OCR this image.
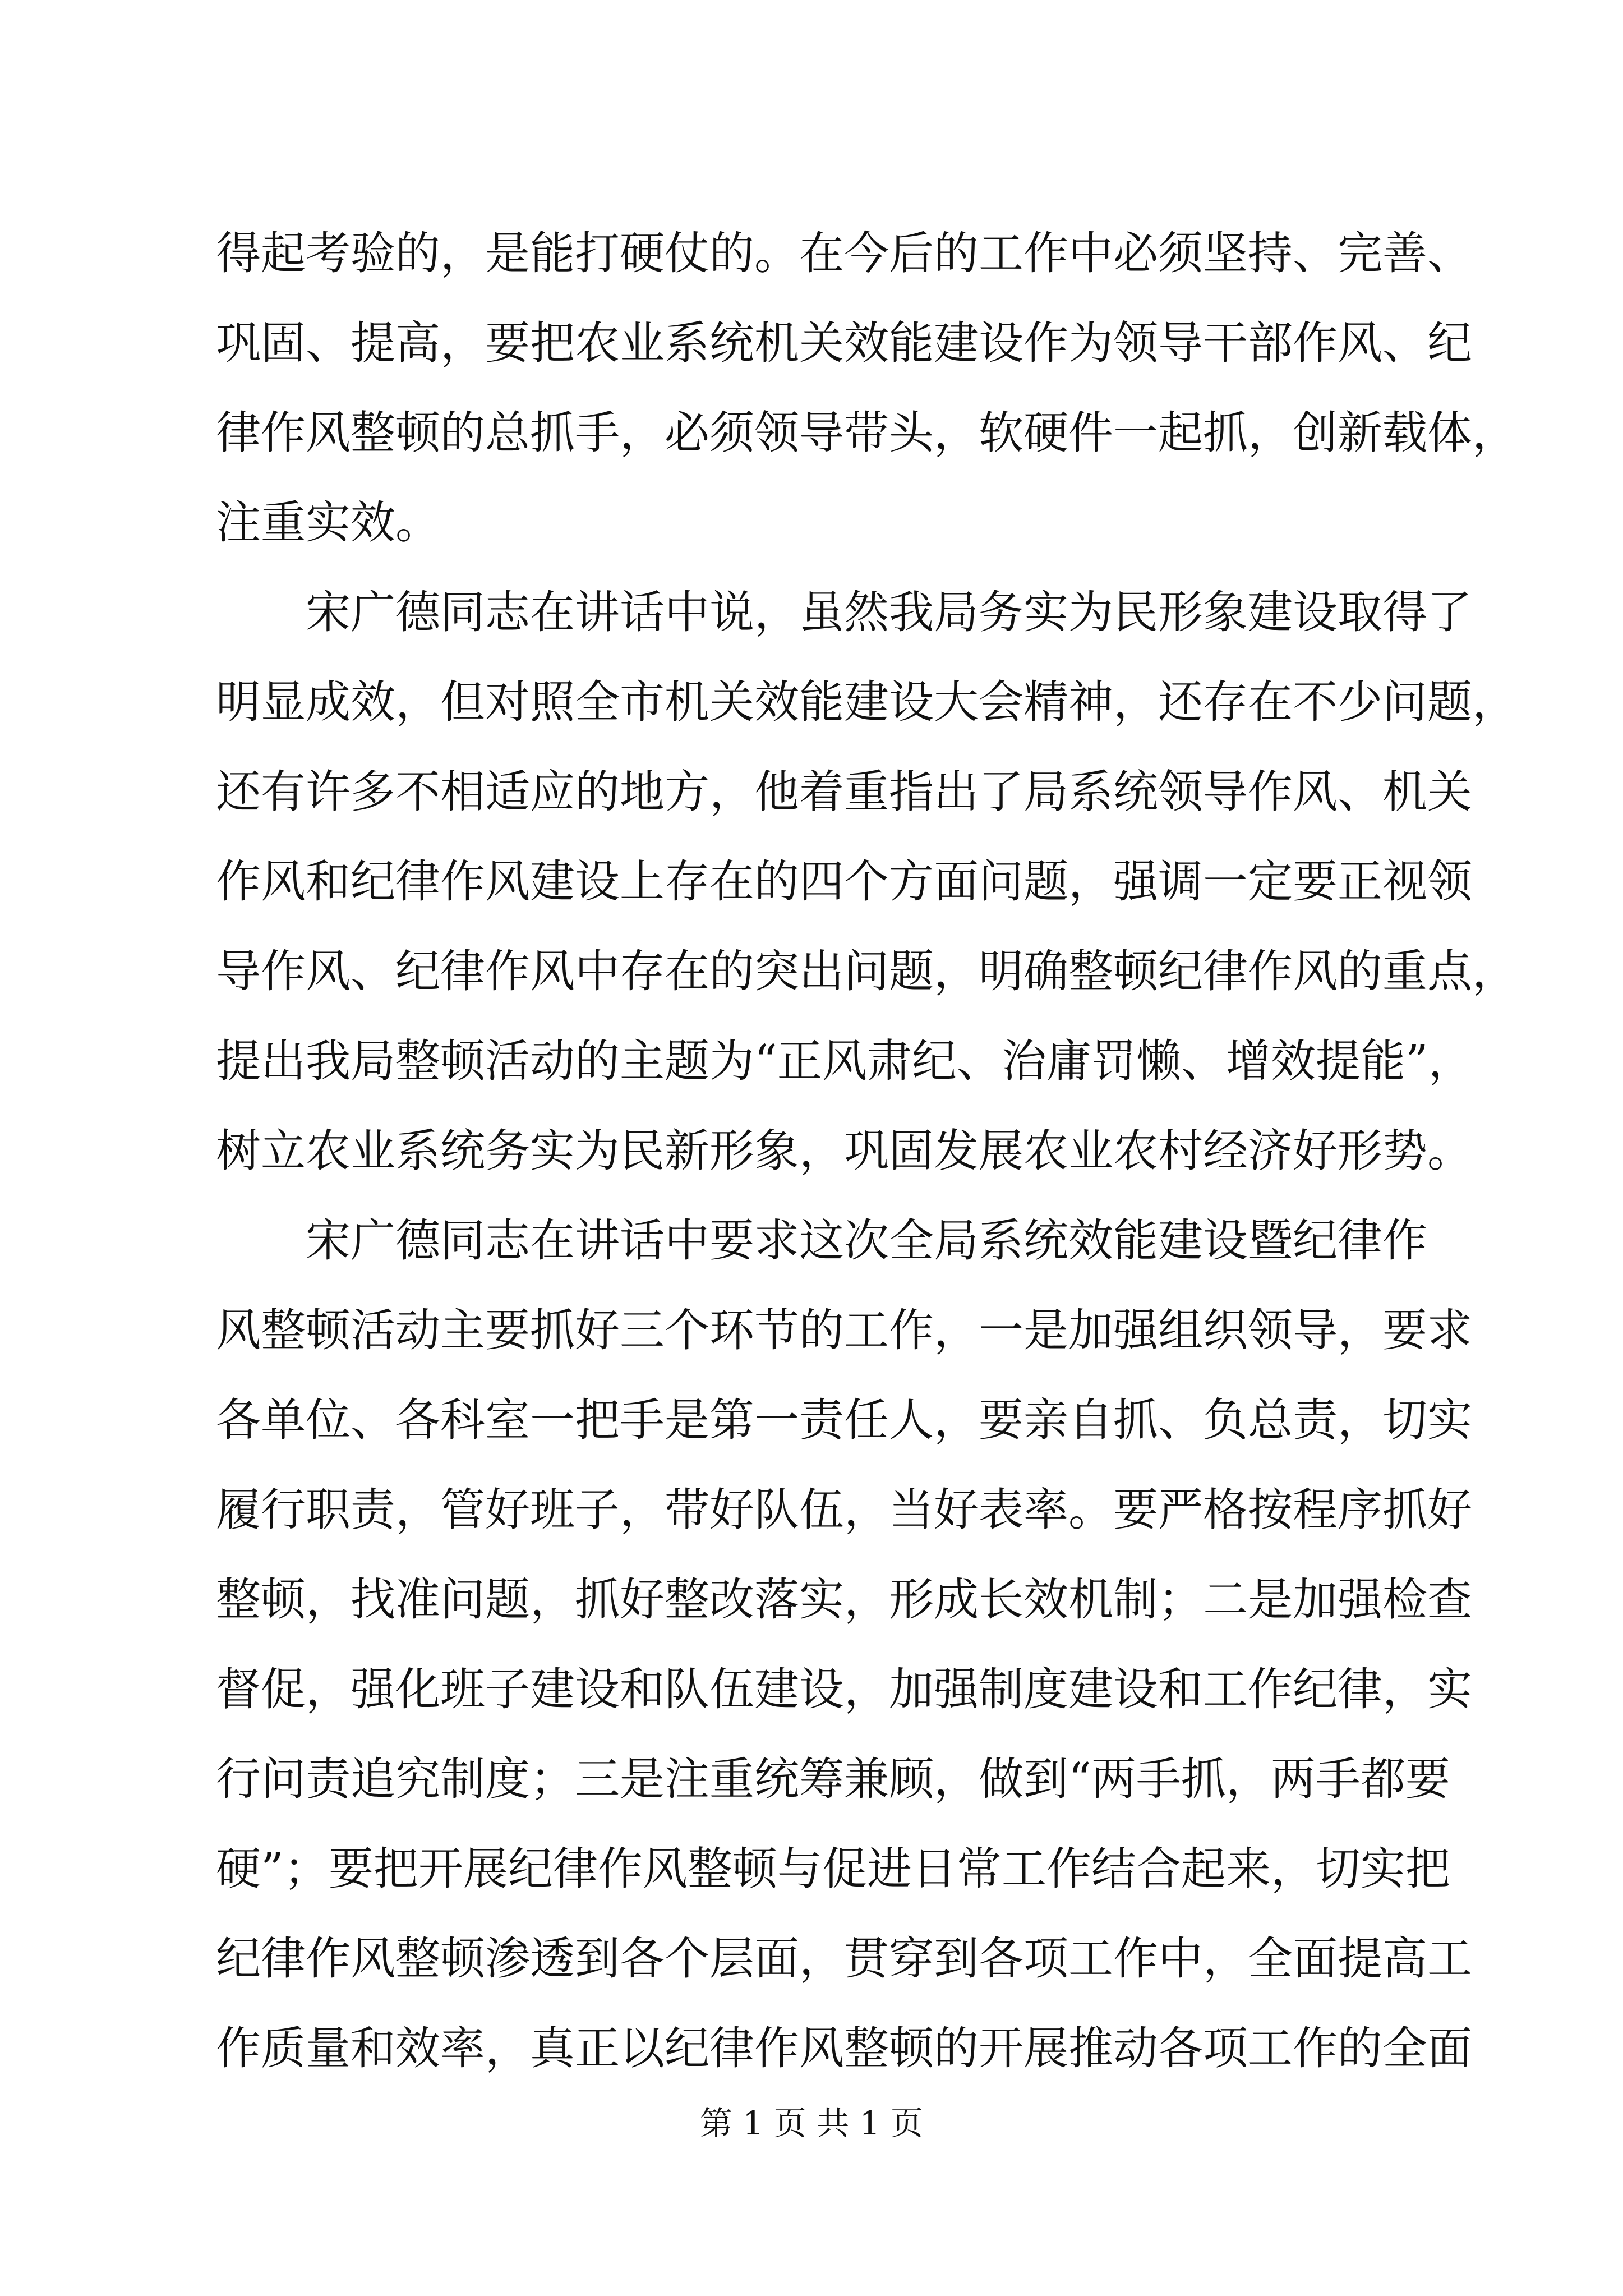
得起考验的，是能打硬仗的。在今后的工作中必须坚持、完善、
巩固、提高，要把农业系统机关效能建设作为领导干部作风、纪
律作风整顿的总抓手，必须领导带头，软硬件一起抓，创新载体，
注重实效。
宋广德同志在讲话中说，虽然我局务实为民形象建设取得了
明显成效，但对照全市机关效能建设大会精神，还存在不少问题，
还有许多不相适应的地方，他着重指出了局系统领导作风、机关
作风和纪律作风建设上存在的四个方面问题，强调一定要正视领
导作风、纪律作风中存在的突出问题，明确整顿纪律作风的重点，
提出我局整顿活动的主题为“正风肃纪、治庸罚懒、增效提能”，
树立农业系统务实为民新形象，巩固发展农业农村经济好形势。
宋广德同志在讲话中要求这次全局系统效能建设暨纪律作
风整顿活动主要抓好三个环节的工作，一是加强组织领导，要求
各单位、各科室一把手是第一责任人，要亲自抓、负总责，切实
履行职责，管好班子，带好队伍，当好表率。要严格按程序抓好
整顿，找准问题，抓好整改落实，形成长效机制；二是加强检查
督促，强化班子建设和队伍建设，加强制度建设和工作纪律，实
行问责追究制度；三是注重统筹兼顾，做到“两手抓，两手都要
硬”；要把开展纪律作风整顿与促进日常工作结合起来，切实把
纪律作风整顿渗透到各个层面，贯穿到各项工作中，全面提高工
作质量和效率，真正以纪律作风整顿的开展推动各项工作的全面
第 1 页 共 1 页
